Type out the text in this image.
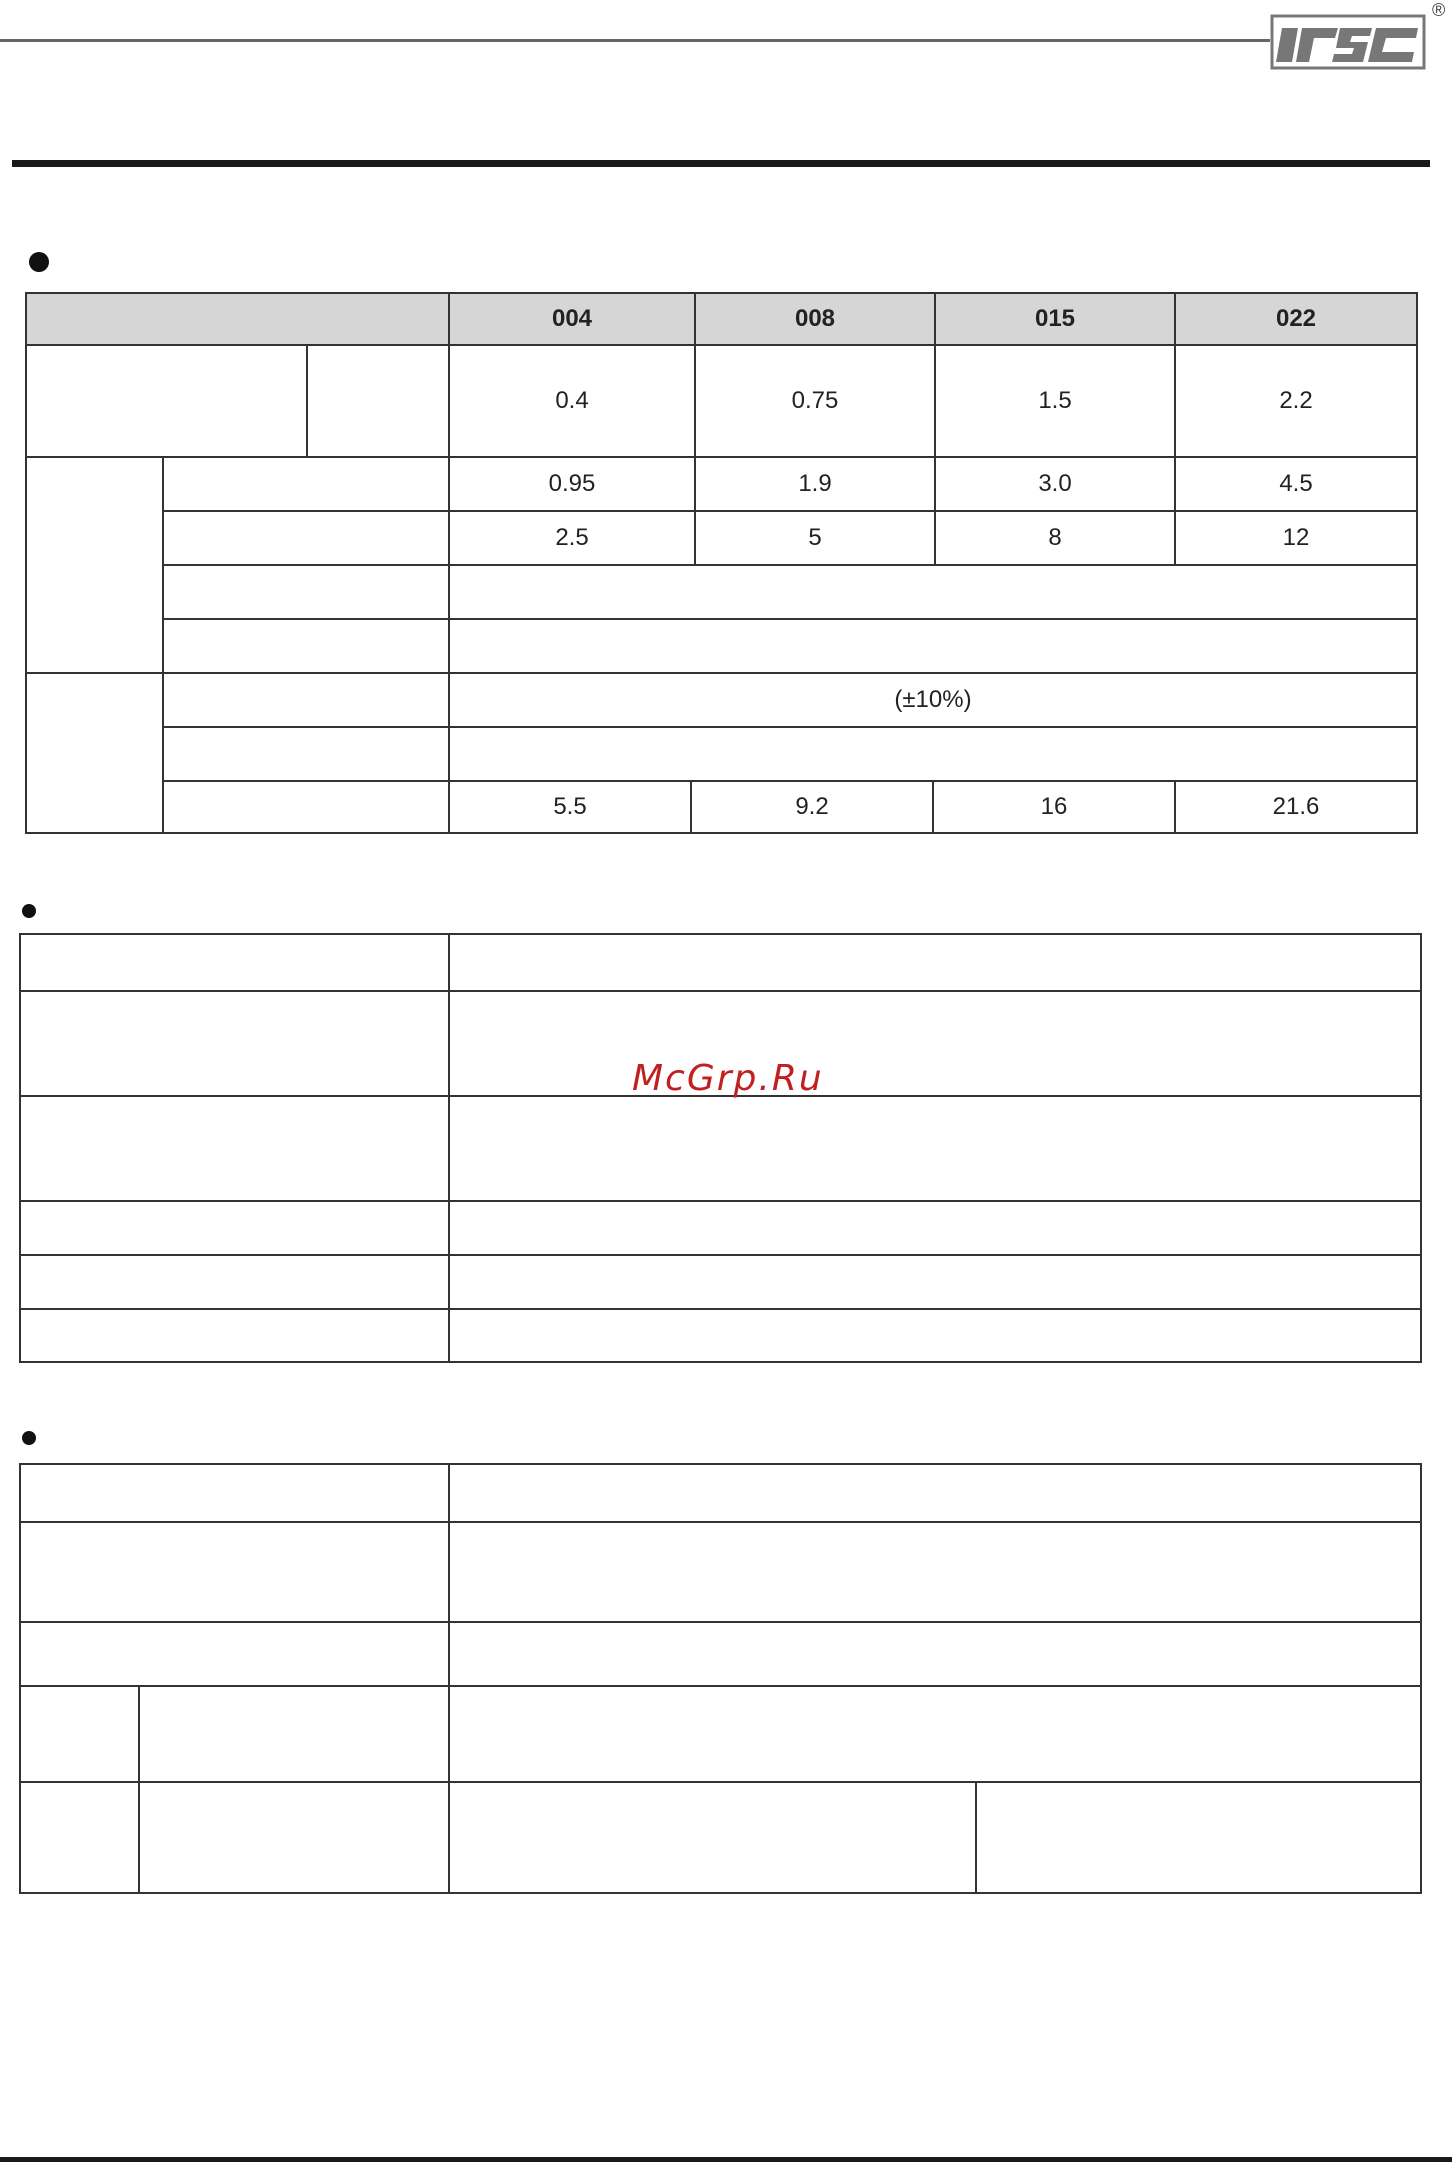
®
004	008	015	022
0.4	0.75	1.5	2.2
0.95	1.9	3.0	4.5
2.5	5	8	12
(±10%)
5.5	9.2	16	21.6
McGrp.Ru
